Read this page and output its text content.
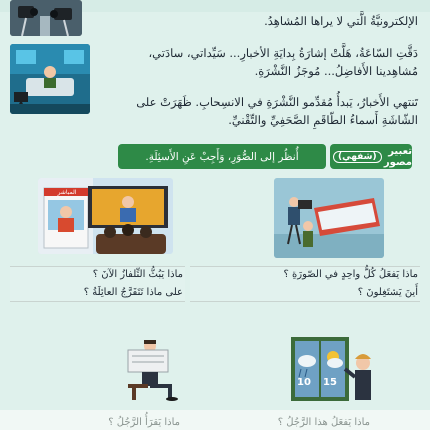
الإلكترونيَّةُ الَّتي لا يراها المُشاهِدُ.
دَقَّتِ السّاعَةُ، هَلَّتْ إشارَةُ بِدايَةِ الأخبارِ... سَيِّداتي، سادَتي،
مُشاهِدينا الأَفاضِلُ... مُوجَزُ النَّشْرَةِ.
تَنتهي الأَخبارُ، يَبدأُ مُقدِّمو النَّشْرَةِ في الانسِحابِ. ظَهَرَتْ على
الشّاشَةِ أَسماءُ الطّاقَمِ الصَّحَفِيِّ والتِّقْنيِّ.
تعبير مصور
(شفهي)
أُنظُر إلى الصُّوَرِ، وَأَجِبْ عَنِ الأَسئِلَةِ.
المباشر
ماذا يَفعَلُ كُلُّ واحِدٍ في الصّورَةِ ؟
أَينَ يَشتَغِلونَ ؟
ماذا يَبُثُّ التِّلفازُ الآنَ ؟
على ماذا تَتَفَرَّجُ العائِلَةُ ؟
10 15
ماذا يَفعَلُ هذا الرَّجُلُ ؟
ماذا يَقرَأُ الرَّجُلُ ؟
